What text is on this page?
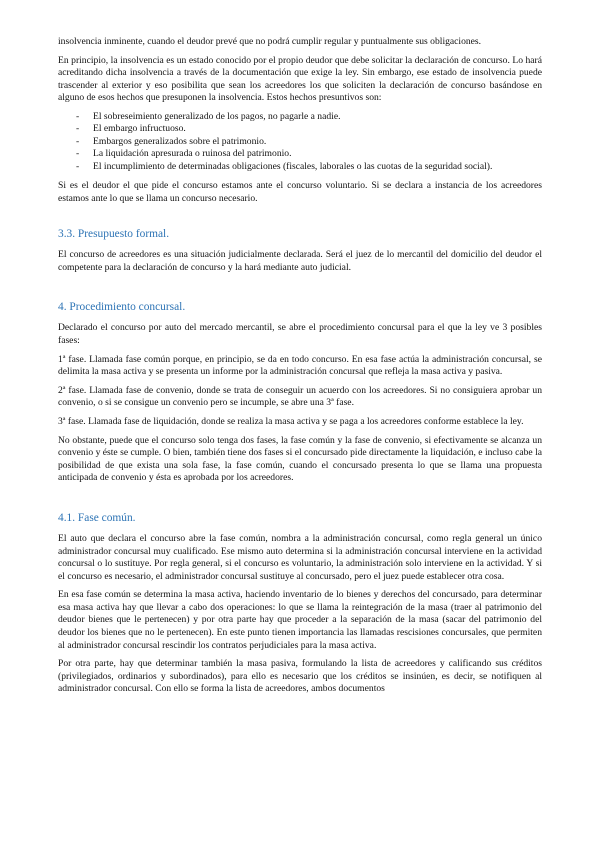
insolvencia inminente, cuando el deudor prevé que no podrá cumplir regular y puntualmente sus obligaciones.

En principio, la insolvencia es un estado conocido por el propio deudor que debe solicitar la declaración de concurso. Lo hará acreditando dicha insolvencia a través de la documentación que exige la ley. Sin embargo, ese estado de insolvencia puede trascender al exterior y eso posibilita que sean los acreedores los que soliciten la declaración de concurso basándose en alguno de esos hechos que presuponen la insolvencia. Estos hechos presuntivos son:

- El sobreseimiento generalizado de los pagos, no pagarle a nadie.
- El embargo infructuoso.
- Embargos generalizados sobre el patrimonio.
- La liquidación apresurada o ruinosa del patrimonio.
- El incumplimiento de determinadas obligaciones (fiscales, laborales o las cuotas de la seguridad social).

Si es el deudor el que pide el concurso estamos ante el concurso voluntario. Si se declara a instancia de los acreedores estamos ante lo que se llama un concurso necesario.

3.3. Presupuesto formal.

El concurso de acreedores es una situación judicialmente declarada. Será el juez de lo mercantil del domicilio del deudor el competente para la declaración de concurso y la hará mediante auto judicial.

4. Procedimiento concursal.

Declarado el concurso por auto del mercado mercantil, se abre el procedimiento concursal para el que la ley ve 3 posibles fases:

1ª fase. Llamada fase común porque, en principio, se da en todo concurso. En esa fase actúa la administración concursal, se delimita la masa activa y se presenta un informe por la administración concursal que refleja la masa activa y pasiva.

2ª fase. Llamada fase de convenio, donde se trata de conseguir un acuerdo con los acreedores. Si no consiguiera aprobar un convenio, o si se consigue un convenio pero se incumple, se abre una 3ª fase.

3ª fase. Llamada fase de liquidación, donde se realiza la masa activa y se paga a los acreedores conforme establece la ley.

No obstante, puede que el concurso solo tenga dos fases, la fase común y la fase de convenio, si efectivamente se alcanza un convenio y éste se cumple. O bien, también tiene dos fases si el concursado pide directamente la liquidación, e incluso cabe la posibilidad de que exista una sola fase, la fase común, cuando el concursado presenta lo que se llama una propuesta anticipada de convenio y ésta es aprobada por los acreedores.

4.1. Fase común.

El auto que declara el concurso abre la fase común, nombra a la administración concursal, como regla general un único administrador concursal muy cualificado. Ese mismo auto determina si la administración concursal interviene en la actividad concursal o lo sustituye. Por regla general, si el concurso es voluntario, la administración solo interviene en la actividad. Y si el concurso es necesario, el administrador concursal sustituye al concursado, pero el juez puede establecer otra cosa.

En esa fase común se determina la masa activa, haciendo inventario de lo bienes y derechos del concursado, para determinar esa masa activa hay que llevar a cabo dos operaciones: lo que se llama la reintegración de la masa (traer al patrimonio del deudor bienes que le pertenecen) y por otra parte hay que proceder a la separación de la masa (sacar del patrimonio del deudor los bienes que no le pertenecen). En este punto tienen importancia las llamadas rescisiones concursales, que permiten al administrador concursal rescindir los contratos perjudiciales para la masa activa.

Por otra parte, hay que determinar también la masa pasiva, formulando la lista de acreedores y calificando sus créditos (privilegiados, ordinarios y subordinados), para ello es necesario que los créditos se insinúen, es decir, se notifiquen al administrador concursal. Con ello se forma la lista de acreedores, ambos documentos
